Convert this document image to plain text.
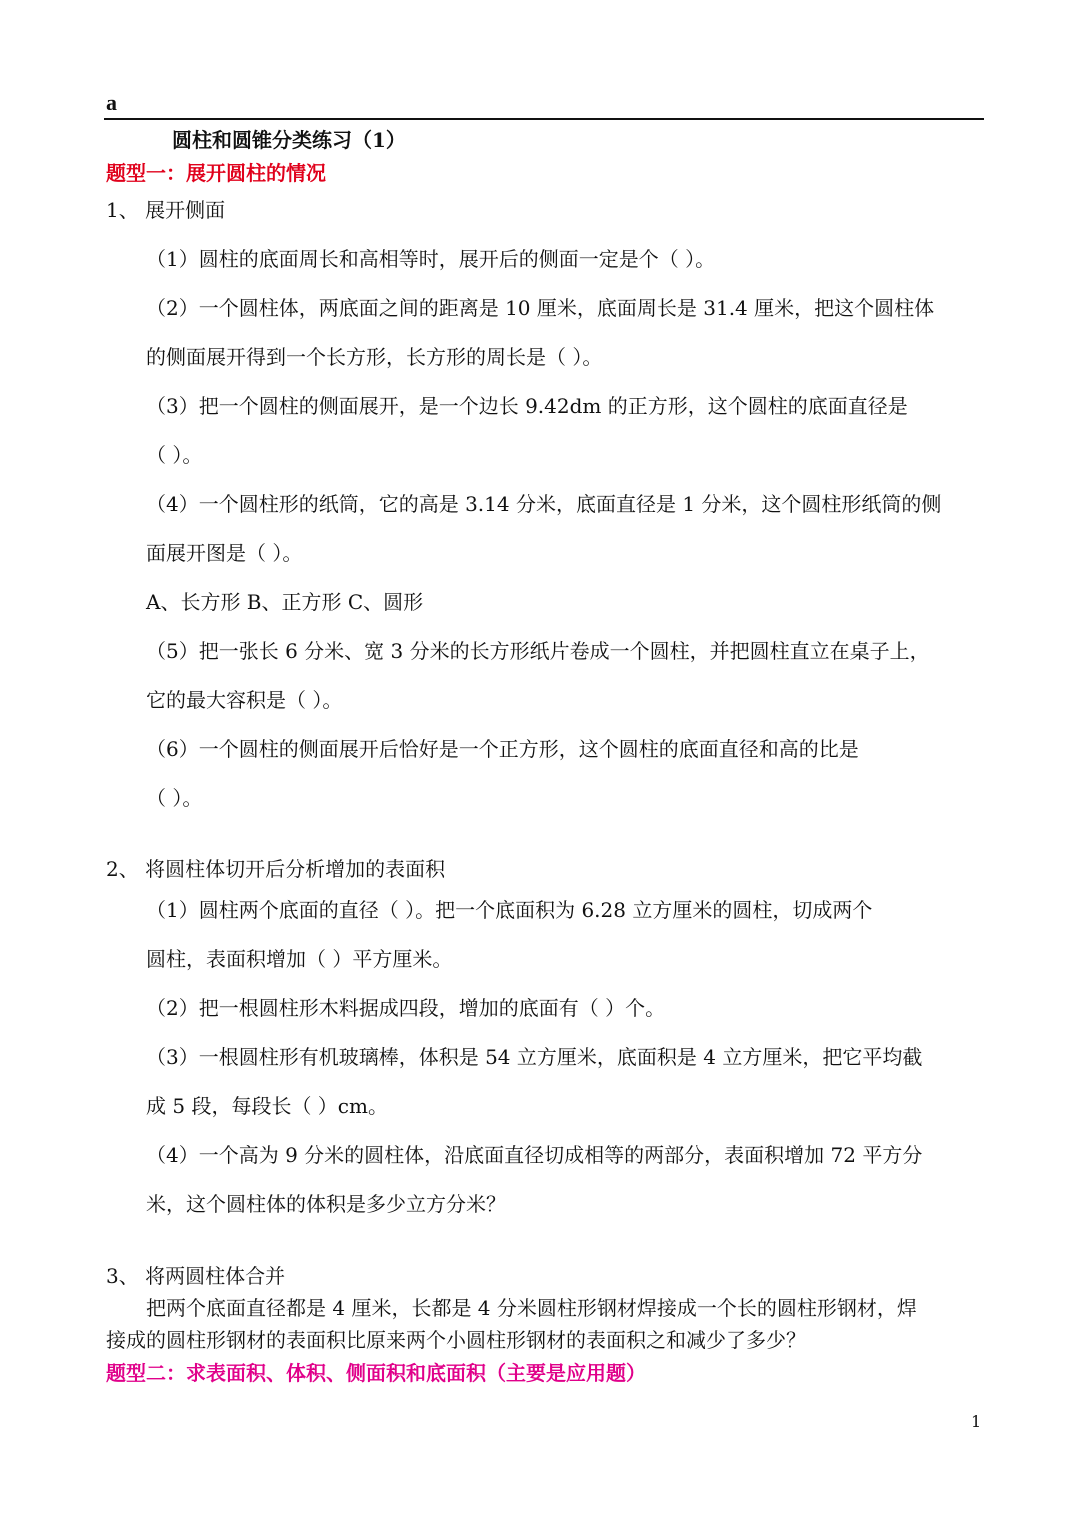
a
圆柱和圆锥分类练习（1）
题型一：展开圆柱的情况
1、 展开侧面
（1）圆柱的底面周长和高相等时，展开后的侧面一定是个（ ）。
（2）一个圆柱体，两底面之间的距离是 10 厘米，底面周长是 31.4 厘米，把这个圆柱体
的侧面展开得到一个长方形，长方形的周长是（ ）。
（3）把一个圆柱的侧面展开，是一个边长 9.42dm 的正方形，这个圆柱的底面直径是
（ ）。
（4）一个圆柱形的纸筒，它的高是 3.14 分米，底面直径是 1 分米，这个圆柱形纸筒的侧
面展开图是（ ）。
A、长方形 B、正方形 C、圆形
（5）把一张长 6 分米、宽 3 分米的长方形纸片卷成一个圆柱，并把圆柱直立在桌子上，
它的最大容积是（ ）。
（6）一个圆柱的侧面展开后恰好是一个正方形，这个圆柱的底面直径和高的比是
（ ）。
2、 将圆柱体切开后分析增加的表面积
（1）圆柱两个底面的直径（ ）。把一个底面积为 6.28 立方厘米的圆柱，切成两个
圆柱，表面积增加（ ）平方厘米。
（2）把一根圆柱形木料据成四段，增加的底面有（ ）个。
（3）一根圆柱形有机玻璃棒，体积是 54 立方厘米，底面积是 4 立方厘米，把它平均截
成 5 段，每段长（ ）cm。
（4）一个高为 9 分米的圆柱体，沿底面直径切成相等的两部分，表面积增加 72 平方分
米，这个圆柱体的体积是多少立方分米？
3、 将两圆柱体合并
把两个底面直径都是 4 厘米，长都是 4 分米圆柱形钢材焊接成一个长的圆柱形钢材，焊
接成的圆柱形钢材的表面积比原来两个小圆柱形钢材的表面积之和减少了多少？
题型二：求表面积、体积、侧面积和底面积（主要是应用题）
1
